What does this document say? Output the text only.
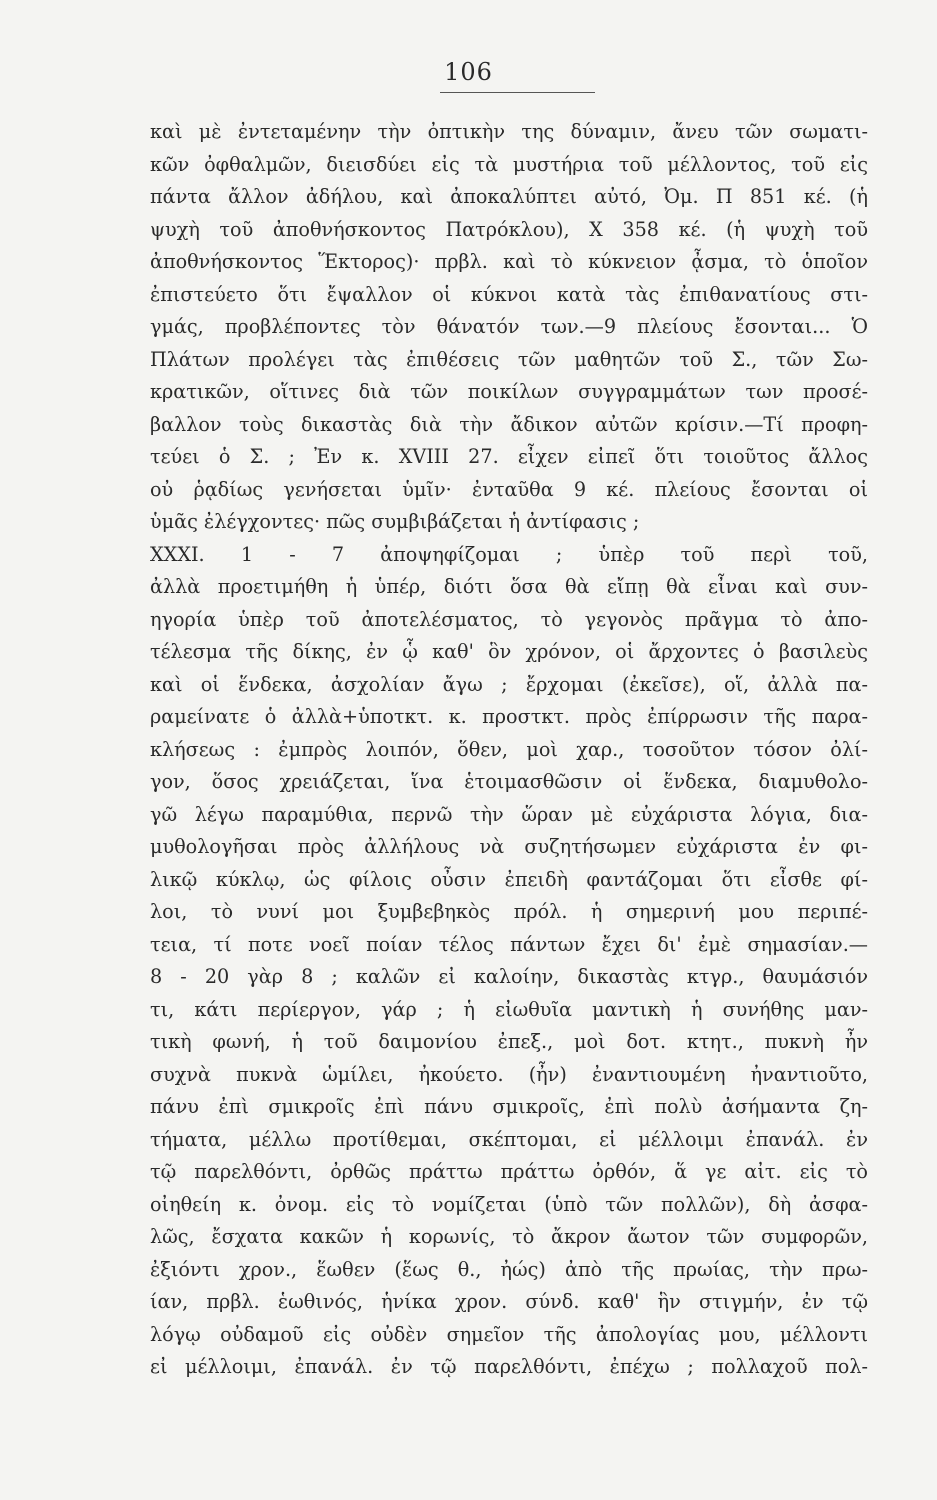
106
καὶ μὲ ἐντεταμένην τὴν ὀπτικὴν της δύναμιν, ἄνευ τῶν σωματι-
κῶν ὀφθαλμῶν, διεισδύει εἰς τὰ μυστήρια τοῦ μέλλοντος, τοῦ εἰς
πάντα ἄλλον ἀδήλου, καὶ ἀποκαλύπτει αὐτό, Ὀμ. Π 851 κέ. (ἡ
ψυχὴ τοῦ ἀποθνήσκοντος Πατρόκλου), Χ 358 κέ. (ἡ ψυχὴ τοῦ
ἀποθνήσκοντος Ἕκτορος)· πρβλ. καὶ τὸ κύκνειον ᾆσμα, τὸ ὁποῖον
ἐπιστεύετο ὅτι ἔψαλλον οἱ κύκνοι κατὰ τὰς ἐπιθανατίους στι-
γμάς, προβλέποντες τὸν θάνατόν των.—9 πλείους ἔσονται... Ὁ
Πλάτων προλέγει τὰς ἐπιθέσεις τῶν μαθητῶν τοῦ Σ., τῶν Σω-
κρατικῶν, οἵτινες διὰ τῶν ποικίλων συγγραμμάτων των προσέ-
βαλλον τοὺς δικαστὰς διὰ τὴν ἄδικον αὐτῶν κρίσιν.—Τί προφη-
τεύει ὁ Σ. ; Ἐν κ. XVIII 27. εἶχεν εἰπεῖ ὅτι τοιοῦτος ἄλλος
οὐ ῥᾳδίως γενήσεται ὑμῖν· ἐνταῦθα 9 κέ. πλείους ἔσονται οἱ
ὑμᾶς ἐλέγχοντες· πῶς συμβιβάζεται ἡ ἀντίφασις ;
XXXI. 1 - 7 ἀποψηφίζομαι ; ὑπὲρ τοῦ περὶ τοῦ,
ἀλλὰ προετιμήθη ἡ ὑπέρ, διότι ὅσα θὰ εἴπῃ θὰ εἶναι καὶ συν-
ηγορία ὑπὲρ τοῦ ἀποτελέσματος, τὸ γεγονὸς πρᾶγμα τὸ ἀπο-
τέλεσμα τῆς δίκης, ἐν ᾧ καθ' ὃν χρόνον, οἱ ἄρχοντες ὁ βασιλεὺς
καὶ οἱ ἕνδεκα, ἀσχολίαν ἄγω ; ἔρχομαι (ἐκεῖσε), οἵ, ἀλλὰ πα-
ραμείνατε ὁ ἀλλὰ+ὑποτκτ. κ. προστκτ. πρὸς ἐπίρρωσιν τῆς παρα-
κλήσεως : ἐμπρὸς λοιπόν, ὅθεν, μοὶ χαρ., τοσοῦτον τόσον ὀλί-
γον, ὅσος χρειάζεται, ἵνα ἑτοιμασθῶσιν οἱ ἕνδεκα, διαμυθολο-
γῶ λέγω παραμύθια, περνῶ τὴν ὥραν μὲ εὐχάριστα λόγια, δια-
μυθολογῆσαι πρὸς ἀλλήλους νὰ συζητήσωμεν εὐχάριστα ἐν φι-
λικῷ κύκλῳ, ὡς φίλοις οὖσιν ἐπειδὴ φαντάζομαι ὅτι εἶσθε φί-
λοι, τὸ νυνί μοι ξυμβεβηκὸς πρόλ. ἡ σημερινή μου περιπέ-
τεια, τί ποτε νοεῖ ποίαν τέλος πάντων ἔχει δι' ἐμὲ σημασίαν.—
8 - 20 γὰρ 8 ; καλῶν εἰ καλοίην, δικαστὰς κτγρ., θαυμάσιόν
τι, κάτι περίεργον, γάρ ; ἡ εἰωθυῖα μαντικὴ ἡ συνήθης μαν-
τικὴ φωνή, ἡ τοῦ δαιμονίου ἐπεξ., μοὶ δοτ. κτητ., πυκνὴ ἦν
συχνὰ πυκνὰ ὡμίλει, ἠκούετο. (ἦν) ἐναντιουμένη ἠναντιοῦτο,
πάνυ ἐπὶ σμικροῖς ἐπὶ πάνυ σμικροῖς, ἐπὶ πολὺ ἀσήμαντα ζη-
τήματα, μέλλω προτίθεμαι, σκέπτομαι, εἰ μέλλοιμι ἐπανάλ. ἐν
τῷ παρελθόντι, ὀρθῶς πράττω πράττω ὀρθόν, ἅ γε αἰτ. εἰς τὸ
οἰηθείη κ. ὀνομ. εἰς τὸ νομίζεται (ὑπὸ τῶν πολλῶν), δὴ ἀσφα-
λῶς, ἔσχατα κακῶν ἡ κορωνίς, τὸ ἄκρον ἄωτον τῶν συμφορῶν,
ἐξιόντι χρον., ἕωθεν (ἕως θ., ἠώς) ἀπὸ τῆς πρωίας, τὴν πρω-
ίαν, πρβλ. ἑωθινός, ἡνίκα χρον. σύνδ. καθ' ἣν στιγμήν, ἐν τῷ
λόγῳ οὐδαμοῦ εἰς οὐδὲν σημεῖον τῆς ἀπολογίας μου, μέλλοντι
εἰ μέλλοιμι, ἐπανάλ. ἐν τῷ παρελθόντι, ἐπέχω ; πολλαχοῦ πολ-
